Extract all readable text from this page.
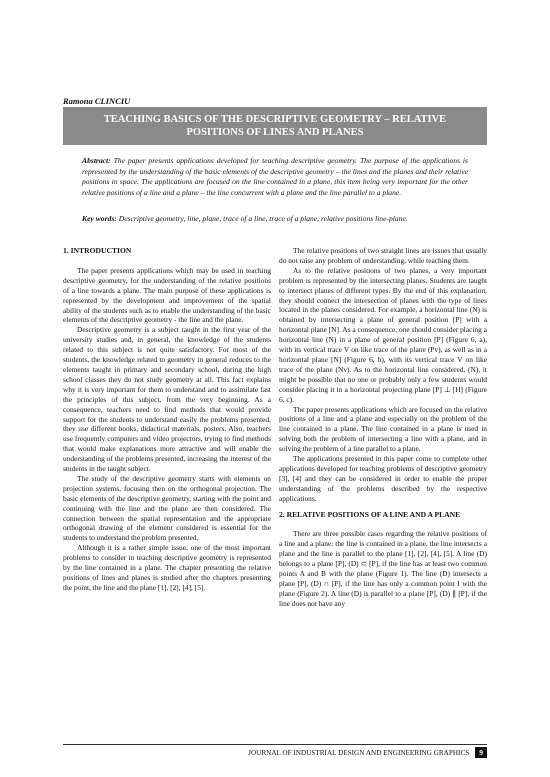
Ramona CLINCIU
TEACHING BASICS OF THE DESCRIPTIVE GEOMETRY – RELATIVE POSITIONS OF LINES AND PLANES
Abstract: The paper presents applications developed for teaching descriptive geometry. The purpose of the applications is represented by the understanding of the basic elements of the descriptive geometry – the lines and the planes and their relative positions in space. The applications are focused on the line contained in a plane, this item being very important for the other relative positions of a line and a plane – the line concurrent with a plane and the line parallel to a plane.
Key words: Descriptive geometry, line, plane, trace of a line, trace of a plane, relative positions line-plane.
1. INTRODUCTION

The paper presents applications which may be used in teaching descriptive geometry, for the understanding of the relative positions of a line towards a plane. The main purpose of these applications is represented by the development and improvement of the spatial ability of the students such as to enable the understanding of the basic elements of the descriptive geometry - the line and the plane.

Descriptive geometry is a subject taught in the first year of the university studies and, in general, the knowledge of the students related to this subject is not quite satisfactory. For most of the students, the knowledge related to geometry in general reduces to the elements taught in primary and secondary school, during the high school classes they do not study geometry at all. This fact explains why it is very important for them to understand and to assimilate fast the principles of this subject, from the very beginning. As a consequence, teachers need to find methods that would provide support for the students to understand easily the problems presented, they use different books, didactical materials, posters. Also, teachers use frequently computers and video projectors, trying to find methods that would make explanations more attractive and will enable the understanding of the problems presented, increasing the interest of the students in the taught subject.

The study of the descriptive geometry starts with elements on projection systems, focusing then on the orthogonal projection. The basic elements of the descriptive geometry, starting with the point and continuing with the line and the plane are then considered. The connection between the spatial representation and the appropriate orthogonal drawing of the element considered is essential for the students to understand the problem presented.

Although it is a rather simple issue, one of the most important problems to consider in teaching descriptive geometry is represented by the line contained in a plane. The chapter presenting the relative positions of lines and planes is studied after the chapters presenting the point, the line and the plane [1], [2], [4], [5].

The relative positions of two straight lines are issues that usually do not raise any problem of understanding, while teaching them.

As to the relative positions of two planes, a very important problem is represented by the intersecting planes. Students are taught to intersect planes of different types. By the end of this explanation, they should connect the intersection of planes with the type of lines located in the planes considered. For example, a horizontal line (N) is obtained by intersecting a plane of general position [P] with a horizontal plane [N]. As a consequence, one should consider placing a horizontal line (N) in a plane of general position [P] (Figure 6, a), with its vertical trace V on like trace of the plane (Pv), as well as in a horizontal plane [N] (Figure 6, b), with its vertical trace V on like trace of the plane (Nv). As to the horizontal line considered, (N), it might be possible that no one or probably only a few students would consider placing it in a horizontal projecting plane [P] ⊥ [H] (Figure 6, c).

The paper presents applications which are focused on the relative positions of a line and a plane and especially on the problem of the line contained in a plane. The line contained in a plane is used in solving both the problem of intersecting a line with a plane, and in solving the problem of a line parallel to a plane.

The applications presented in this paper come to complete other applications developed for teaching problems of descriptive geometry [3], [4] and they can be considered in order to enable the proper understanding of the problems described by the respective applications.

2. RELATIVE POSITIONS OF A LINE AND A PLANE

There are three possible cases regarding the relative positions of a line and a plane: the line is contained in a plane, the line intersects a plane and the line is parallel to the plane [1], [2], [4], [5]. A line (D) belongs to a plane [P], (D) ⊂ [P], if the line has at least two common points A and B with the plane (Figure 1). The line (D) intersects a plane [P], (D) ∩ [P], if the line has only a common point I with the plane (Figure 2). A line (D) is parallel to a plane [P], (D) ∥ [P], if the line does not have any

JOURNAL OF INDUSTRIAL DESIGN AND ENGINEERING GRAPHICS	9
